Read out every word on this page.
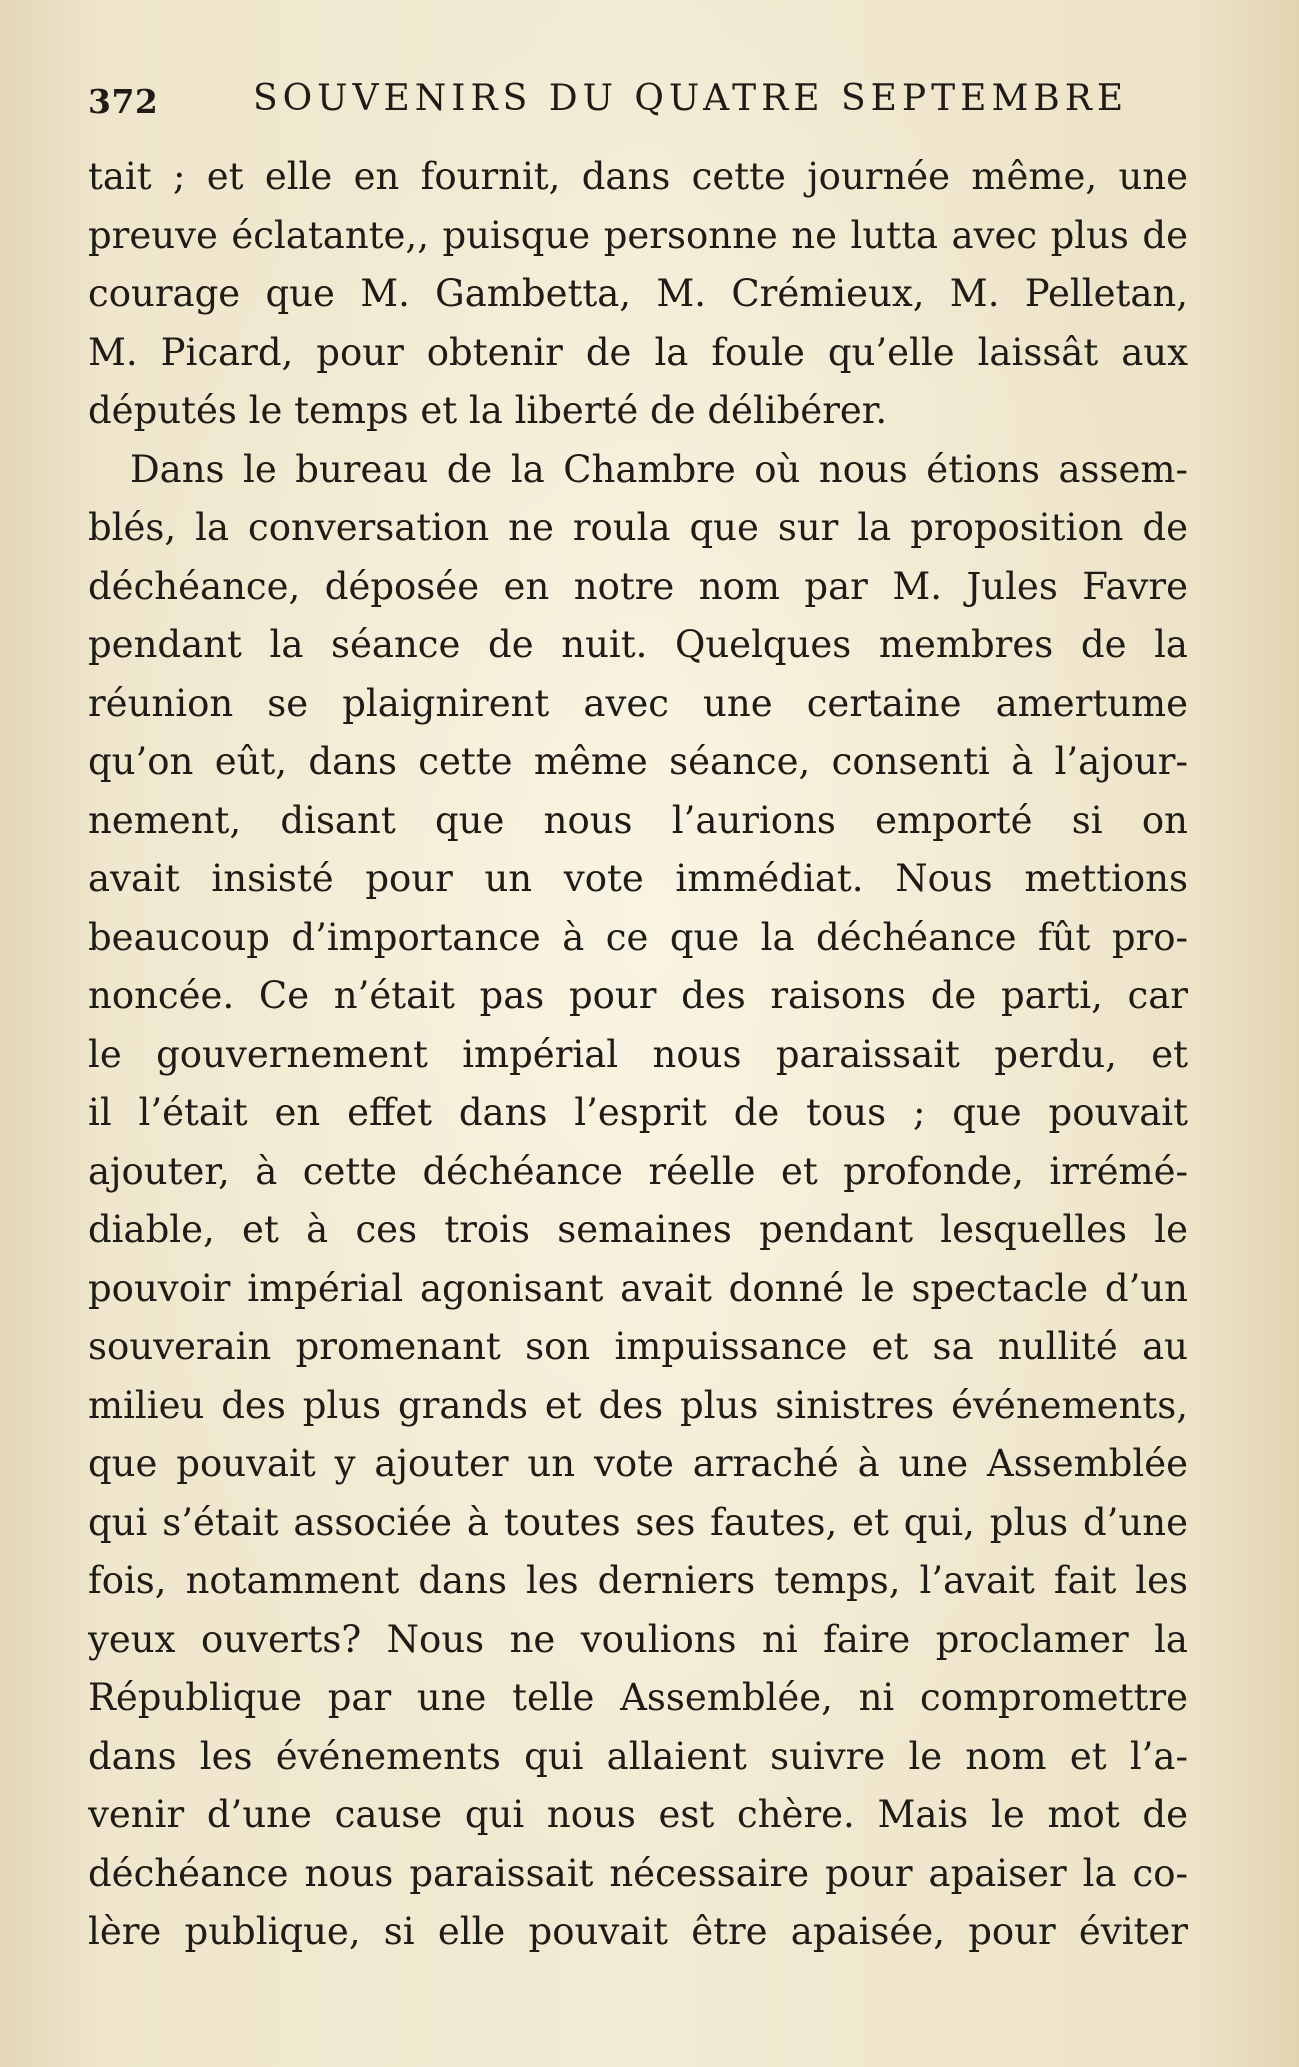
372	SOUVENIRS DU QUATRE SEPTEMBRE
tait ; et elle en fournit, dans cette journée même, une
preuve éclatante,, puisque personne ne lutta avec plus de
courage que M. Gambetta, M. Crémieux, M. Pelletan,
M. Picard, pour obtenir de la foule qu’elle laissât aux
députés le temps et la liberté de délibérer.
Dans le bureau de la Chambre où nous étions assem-
blés, la conversation ne roula que sur la proposition de
déchéance, déposée en notre nom par M. Jules Favre
pendant la séance de nuit. Quelques membres de la
réunion se plaignirent avec une certaine amertume
qu’on eût, dans cette même séance, consenti à l’ajour-
nement, disant que nous l’aurions emporté si on
avait insisté pour un vote immédiat. Nous mettions
beaucoup d’importance à ce que la déchéance fût pro-
noncée. Ce n’était pas pour des raisons de parti, car
le gouvernement impérial nous paraissait perdu, et
il l’était en effet dans l’esprit de tous ; que pouvait
ajouter, à cette déchéance réelle et profonde, irrémé-
diable, et à ces trois semaines pendant lesquelles le
pouvoir impérial agonisant avait donné le spectacle d’un
souverain promenant son impuissance et sa nullité au
milieu des plus grands et des plus sinistres événements,
que pouvait y ajouter un vote arraché à une Assemblée
qui s’était associée à toutes ses fautes, et qui, plus d’une
fois, notamment dans les derniers temps, l’avait fait les
yeux ouverts? Nous ne voulions ni faire proclamer la
République par une telle Assemblée, ni compromettre
dans les événements qui allaient suivre le nom et l’a-
venir d’une cause qui nous est chère. Mais le mot de
déchéance nous paraissait nécessaire pour apaiser la co-
lère publique, si elle pouvait être apaisée, pour éviter
